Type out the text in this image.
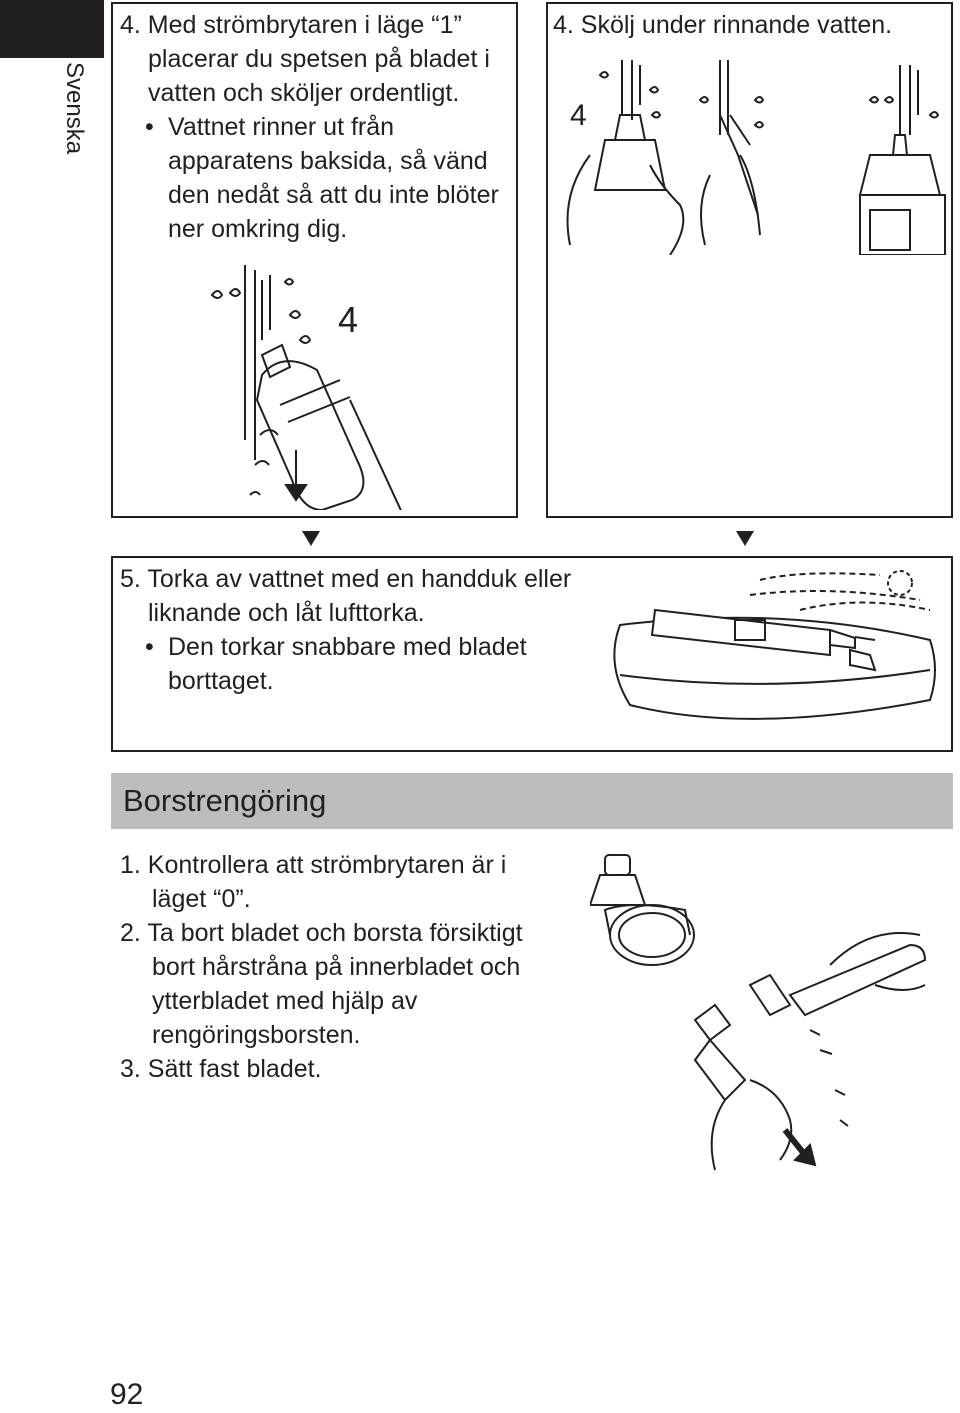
Svenska
4. Med strömbrytaren i läge “1”
placerar du spetsen på bladet i
vatten och sköljer ordentligt.
• Vattnet rinner ut från
apparatens baksida, så vänd
den nedåt så att du inte blöter
ner omkring dig.
4
4. Skölj under rinnande vatten.
4
5. Torka av vattnet med en handduk eller
liknande och låt lufttorka.
• Den torkar snabbare med bladet
borttaget.
Borstrengöring
1. Kontrollera att strömbrytaren är i
läget “0”.
2. Ta bort bladet och borsta försiktigt
bort hårstråna på innerbladet och
ytterbladet med hjälp av
rengöringsborsten.
3. Sätt fast bladet.
92
